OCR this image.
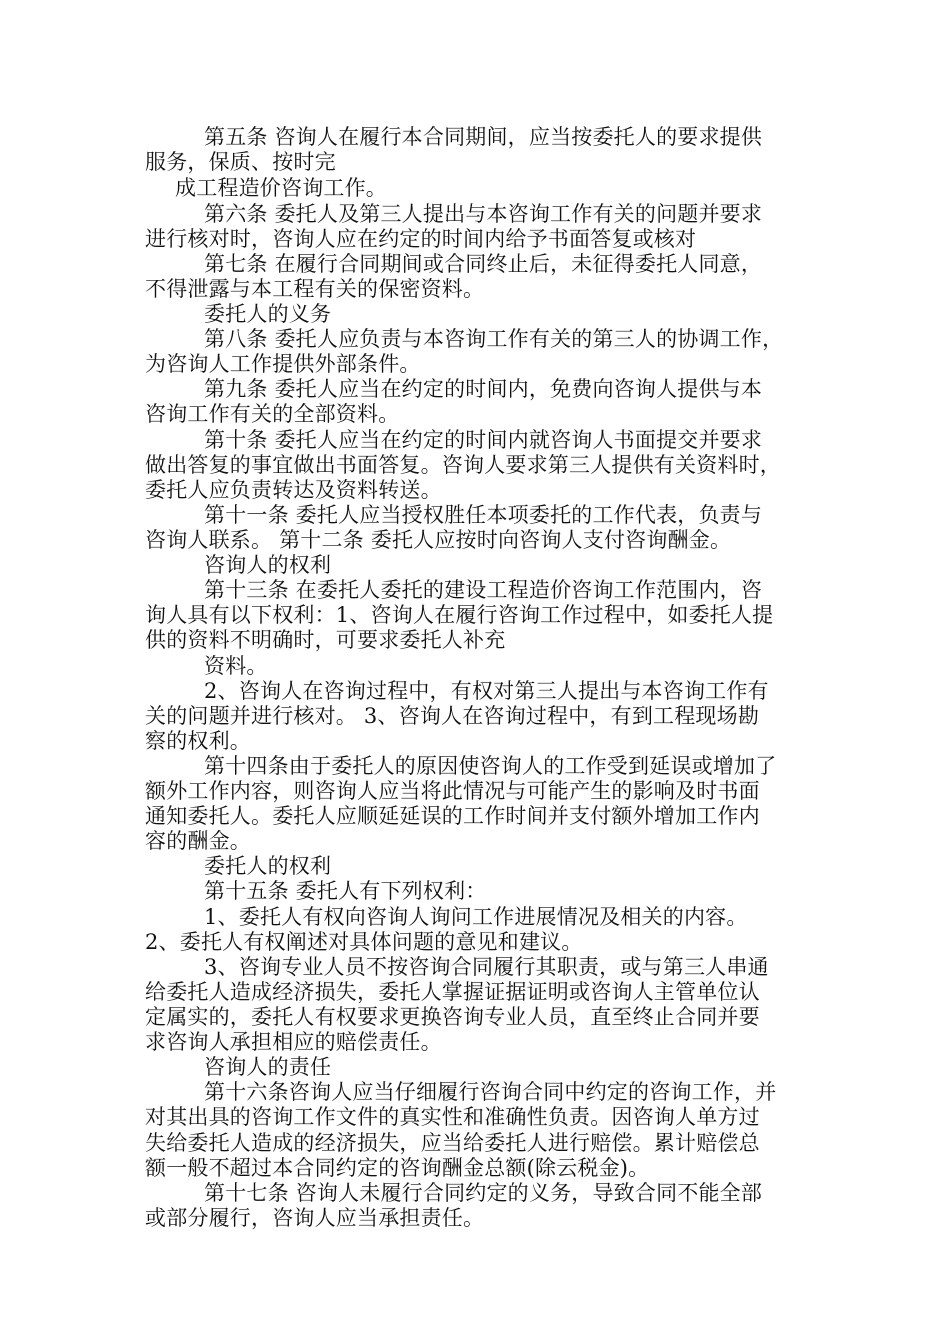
第五条 咨询人在履行本合同期间，应当按委托人的要求提供
服务，保质、按时完
成工程造价咨询工作。
第六条 委托人及第三人提出与本咨询工作有关的问题并要求
进行核对时，咨询人应在约定的时间内给予书面答复或核对
第七条 在履行合同期间或合同终止后，未征得委托人同意，
不得泄露与本工程有关的保密资料。
委托人的义务
第八条 委托人应负责与本咨询工作有关的第三人的协调工作，
为咨询人工作提供外部条件。
第九条 委托人应当在约定的时间内，免费向咨询人提供与本
咨询工作有关的全部资料。
第十条 委托人应当在约定的时间内就咨询人书面提交并要求
做出答复的事宜做出书面答复。咨询人要求第三人提供有关资料时，
委托人应负责转达及资料转送。
第十一条 委托人应当授权胜任本项委托的工作代表，负责与
咨询人联系。 第十二条 委托人应按时向咨询人支付咨询酬金。
咨询人的权利
第十三条 在委托人委托的建设工程造价咨询工作范围内，咨
询人具有以下权利：1、咨询人在履行咨询工作过程中，如委托人提
供的资料不明确时，可要求委托人补充
资料。
2、咨询人在咨询过程中，有权对第三人提出与本咨询工作有
关的问题并进行核对。 3、咨询人在咨询过程中，有到工程现场勘
察的权利。
第十四条由于委托人的原因使咨询人的工作受到延误或增加了
额外工作内容，则咨询人应当将此情况与可能产生的影响及时书面
通知委托人。委托人应顺延延误的工作时间并支付额外增加工作内
容的酬金。
委托人的权利
第十五条 委托人有下列权利：
1、委托人有权向咨询人询问工作进展情况及相关的内容。
2、委托人有权阐述对具体问题的意见和建议。
3、咨询专业人员不按咨询合同履行其职责，或与第三人串通
给委托人造成经济损失，委托人掌握证据证明或咨询人主管单位认
定属实的，委托人有权要求更换咨询专业人员，直至终止合同并要
求咨询人承担相应的赔偿责任。
咨询人的责任
第十六条咨询人应当仔细履行咨询合同中约定的咨询工作，并
对其出具的咨询工作文件的真实性和准确性负责。因咨询人单方过
失给委托人造成的经济损失，应当给委托人进行赔偿。累计赔偿总
额一般不超过本合同约定的咨询酬金总额(除云税金)。
第十七条 咨询人未履行合同约定的义务，导致合同不能全部
或部分履行，咨询人应当承担责任。
